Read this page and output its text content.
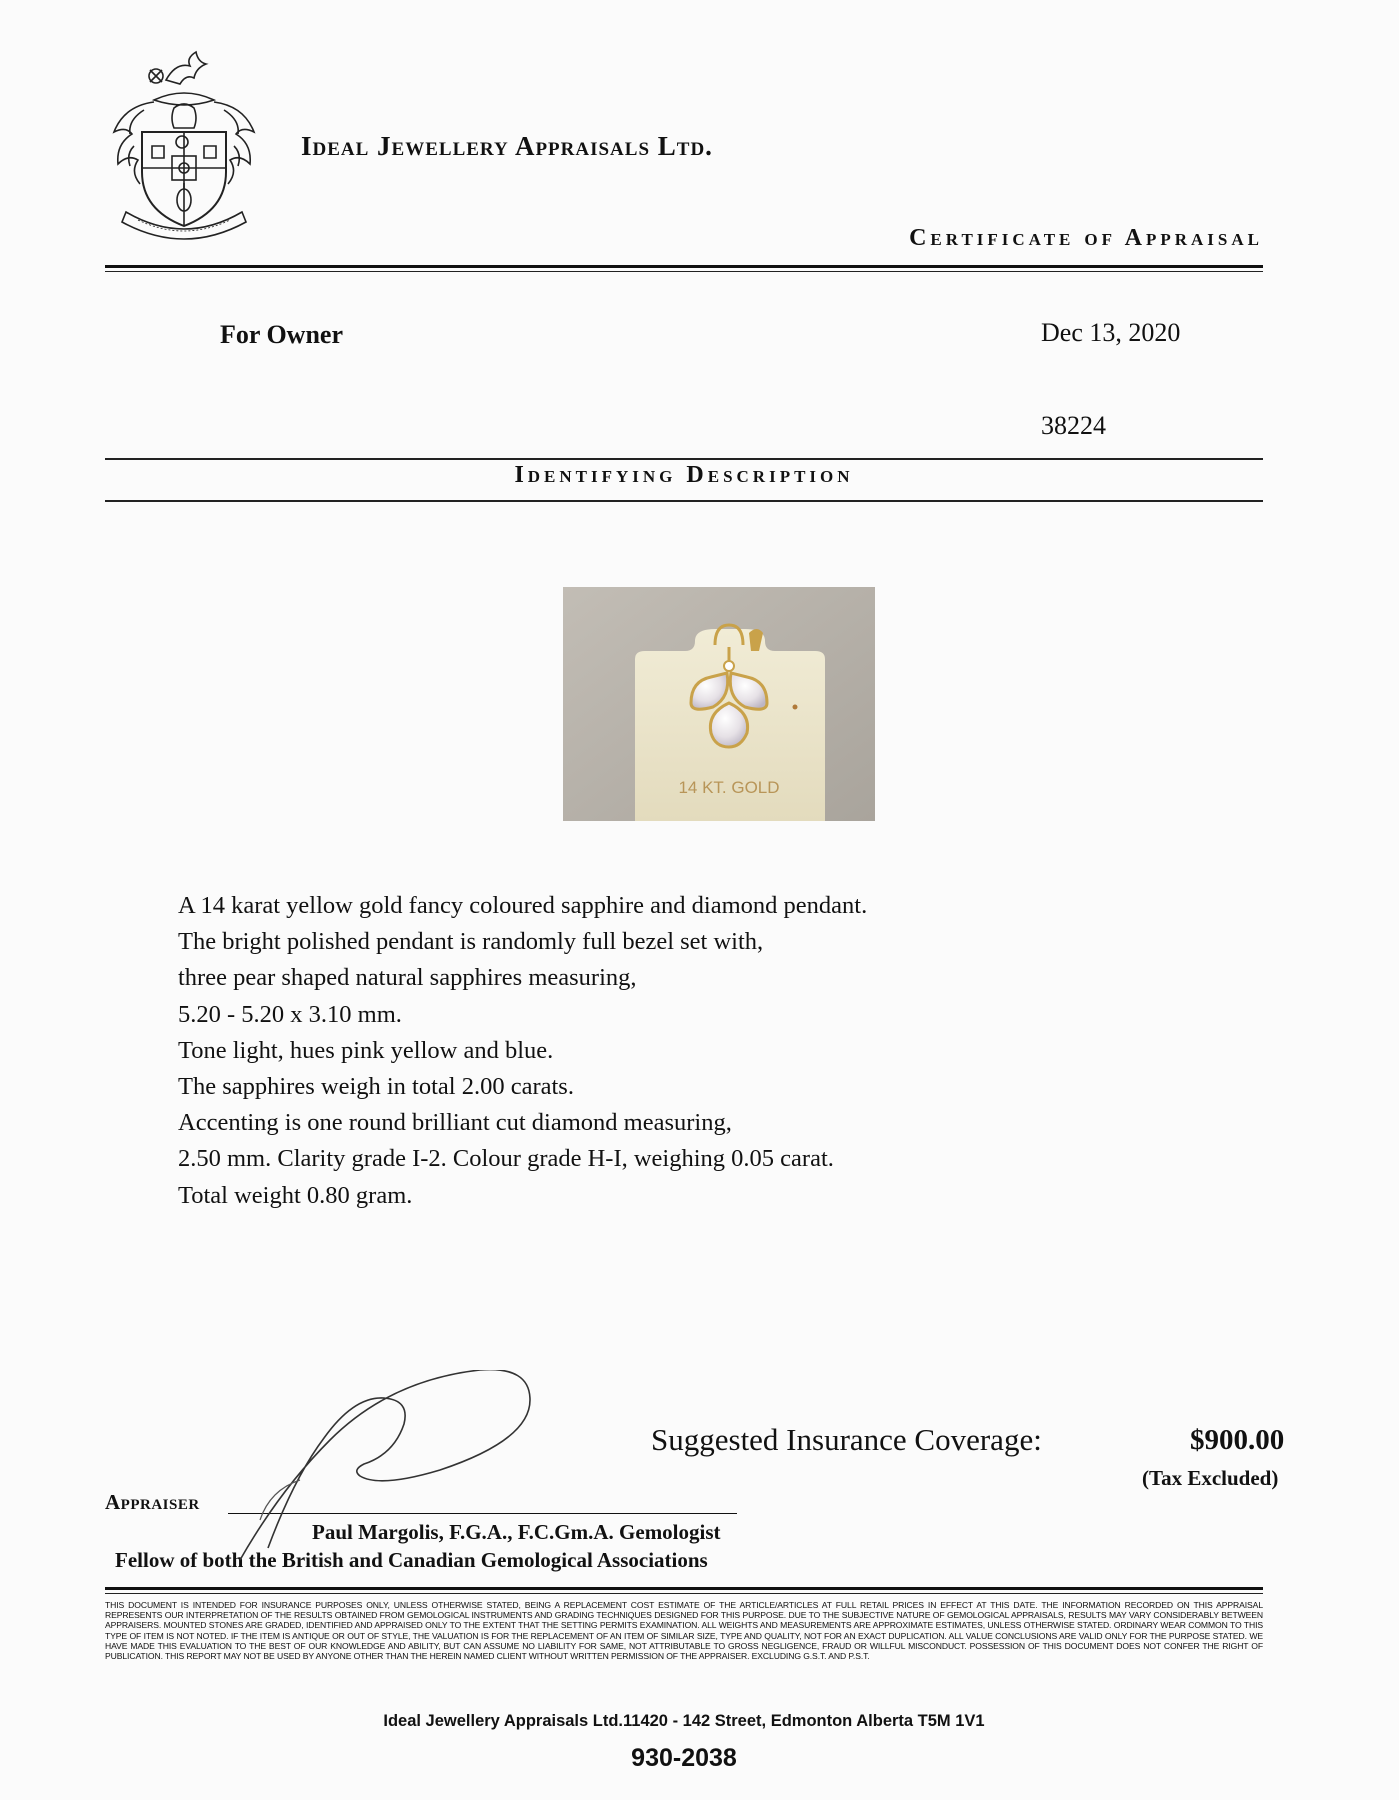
Ideal Jewellery Appraisals Ltd.
Certificate of Appraisal
For Owner	Dec 13, 2020
38224
Identifying Description
14 KT. GOLD
A 14 karat yellow gold fancy coloured sapphire and diamond pendant.
The bright polished pendant is randomly full bezel set with,
three pear shaped natural sapphires measuring,
5.20 - 5.20 x 3.10 mm.
Tone light, hues pink yellow and blue.
The sapphires weigh in total 2.00 carats.
Accenting is one round brilliant cut diamond measuring,
2.50 mm. Clarity grade I-2. Colour grade H-I, weighing 0.05 carat.
Total weight 0.80 gram.
Suggested Insurance Coverage:	$900.00
(Tax Excluded)
Appraiser
Paul Margolis, F.G.A., F.C.Gm.A. Gemologist
Fellow of both the British and Canadian Gemological Associations
THIS DOCUMENT IS INTENDED FOR INSURANCE PURPOSES ONLY, UNLESS OTHERWISE STATED, BEING A REPLACEMENT COST ESTIMATE OF THE ARTICLE/ARTICLES AT FULL RETAIL PRICES IN EFFECT AT THIS DATE. THE INFORMATION RECORDED ON THIS APPRAISAL REPRESENTS OUR INTERPRETATION OF THE RESULTS OBTAINED FROM GEMOLOGICAL INSTRUMENTS AND GRADING TECHNIQUES DESIGNED FOR THIS PURPOSE. DUE TO THE SUBJECTIVE NATURE OF GEMOLOGICAL APPRAISALS, RESULTS MAY VARY CONSIDERABLY BETWEEN APPRAISERS. MOUNTED STONES ARE GRADED, IDENTIFIED AND APPRAISED ONLY TO THE EXTENT THAT THE SETTING PERMITS EXAMINATION. ALL WEIGHTS AND MEASUREMENTS ARE APPROXIMATE ESTIMATES, UNLESS OTHERWISE STATED. ORDINARY WEAR COMMON TO THIS TYPE OF ITEM IS NOT NOTED. IF THE ITEM IS ANTIQUE OR OUT OF STYLE, THE VALUATION IS FOR THE REPLACEMENT OF AN ITEM OF SIMILAR SIZE, TYPE AND QUALITY, NOT FOR AN EXACT DUPLICATION. ALL VALUE CONCLUSIONS ARE VALID ONLY FOR THE PURPOSE STATED. WE HAVE MADE THIS EVALUATION TO THE BEST OF OUR KNOWLEDGE AND ABILITY, BUT CAN ASSUME NO LIABILITY FOR SAME, NOT ATTRIBUTABLE TO GROSS NEGLIGENCE, FRAUD OR WILLFUL MISCONDUCT. POSSESSION OF THIS DOCUMENT DOES NOT CONFER THE RIGHT OF PUBLICATION. THIS REPORT MAY NOT BE USED BY ANYONE OTHER THAN THE HEREIN NAMED CLIENT WITHOUT WRITTEN PERMISSION OF THE APPRAISER. EXCLUDING G.S.T. AND P.S.T.
Ideal Jewellery Appraisals Ltd.11420 - 142 Street, Edmonton Alberta T5M 1V1
930-2038
